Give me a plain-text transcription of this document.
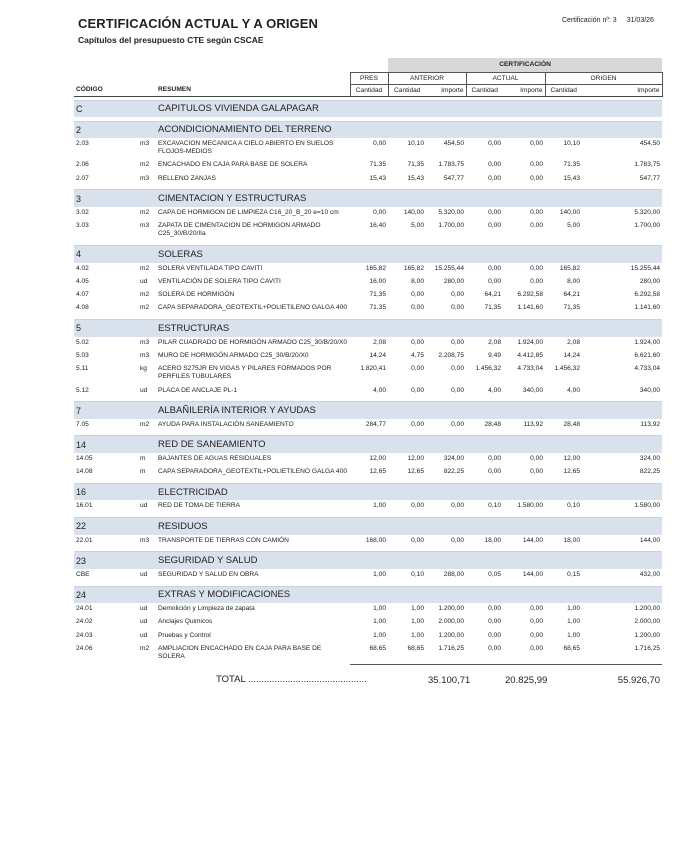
CERTIFICACIÓN ACTUAL Y A ORIGEN
Capítulos del presupuesto CTE según CSCAE
Certificación nº: 3 31/03/26
				CERTIFICACIÓN					
			PRES	ANTERIOR		ACTUAL		ORIGEN	
CÓDIGO		RESUMEN	Cantidad	Cantidad	Importe	Cantidad	Importe	Cantidad	Importe

C		CAPITULOS VIVIENDA GALAPAGAR							

2		ACONDICIONAMIENTO DEL TERRENO							
2.03	m3	EXCAVACION MECANICA A CIELO ABIERTO EN SUELOS FLOJOS-MEDIOS	0,00	10,10	454,50	0,00	0,00	10,10	454,50
2.06	m2	ENCACHADO EN CAJA PARA BASE DE SOLERA	71,35	71,35	1.783,75	0,00	0,00	71,35	1.783,75
2.07	m3	RELLENO ZANJAS	15,43	15,43	547,77	0,00	0,00	15,43	547,77

3		CIMENTACION Y ESTRUCTURAS							
3.02	m2	CAPA DE HORMIGON DE LIMPIEZA C16_20_B_20 e=10 cm	0,00	140,00	5.320,00	0,00	0,00	140,00	5.320,00
3.03	m3	ZAPATA DE CIMENTACION DE HORMIGON ARMADO C25_30/B/20/IIa	16,40	5,00	1.700,00	0,00	0,00	5,00	1.700,00

4		SOLERAS							
4.02	m2	SOLERA VENTILADA TIPO CAVITI	165,82	165,82	15.255,44	0,00	0,00	165,82	15.255,44
4.05	ud	VENTILACIÓN DE SOLERA TIPO CAVITI	16,00	8,00	280,00	0,00	0,00	8,00	280,00
4.07	m2	SOLERA DE HORMIGÓN	71,35	0,00	0,00	64,21	6.292,58	64,21	6.292,58
4.08	m2	CAPA SEPARADORA_GEOTEXTIL+POLIETILENO GALGA 400	71,35	0,00	0,00	71,35	1.141,60	71,35	1.141,60

5		ESTRUCTURAS							
5.02	m3	PILAR CUADRADO DE HORMIGÓN ARMADO C25_30/B/20/X0	2,08	0,00	0,00	2,08	1.924,00	2,08	1.924,00
5.03	m3	MURO DE HORMIGÓN ARMADO C25_30/B/20/X0	14,24	4,75	2.208,75	9,49	4.412,85	14,24	6.621,60
5.11	kg	ACERO S275JR EN VIGAS Y PILARES FORMADOS POR PERFILES TUBULARES	1.820,41	0,00	0,00	1.456,32	4.733,04	1.456,32	4.733,04
5.12	ud	PLACA DE ANCLAJE PL-1	4,00	0,00	0,00	4,00	340,00	4,00	340,00

7		ALBAÑILERÍA INTERIOR Y AYUDAS							
7.05	m2	AYUDA PARA INSTALACIÓN SANEAMIENTO	284,77	0,00	0,00	28,48	113,92	28,48	113,92

14		RED DE SANEAMIENTO							
14.05	m	BAJANTES DE AGUAS RESIDUALES	12,00	12,00	324,00	0,00	0,00	12,00	324,00
14.08	m	CAPA SEPARADORA_GEOTEXTIL+POLIETILENO GALGA 400	12,65	12,65	822,25	0,00	0,00	12,65	822,25

16		ELECTRICIDAD							
16.01	ud	RED DE TOMA DE TIERRA	1,00	0,00	0,00	0,10	1.580,00	0,10	1.580,00

22		RESIDUOS							
22.01	m3	TRANSPORTE DE TIERRAS CON CAMIÓN	168,00	0,00	0,00	18,00	144,00	18,00	144,00

23		SEGURIDAD Y SALUD							
CBE	ud	SEGURIDAD Y SALUD EN OBRA	1,00	0,10	288,00	0,05	144,00	0,15	432,00

24		EXTRAS Y MODIFICACIONES							
24.01	ud	Demolición y Limpieza de zapata	1,00	1,00	1.200,00	0,00	0,00	1,00	1.200,00
24.02	ud	Anclajes Quimicos	1,00	1,00	2.000,00	0,00	0,00	1,00	2.000,00
24.03	ud	Pruebas y Control	1,00	1,00	1.200,00	0,00	0,00	1,00	1.200,00
24.06	m2	AMPLIACION ENCACHADO EN CAJA PARA BASE DE SOLERA	68,65	68,65	1.716,25	0,00	0,00	68,65	1.716,25
TOTAL .............................................					35.100,71		20.825,99		55.926,70
